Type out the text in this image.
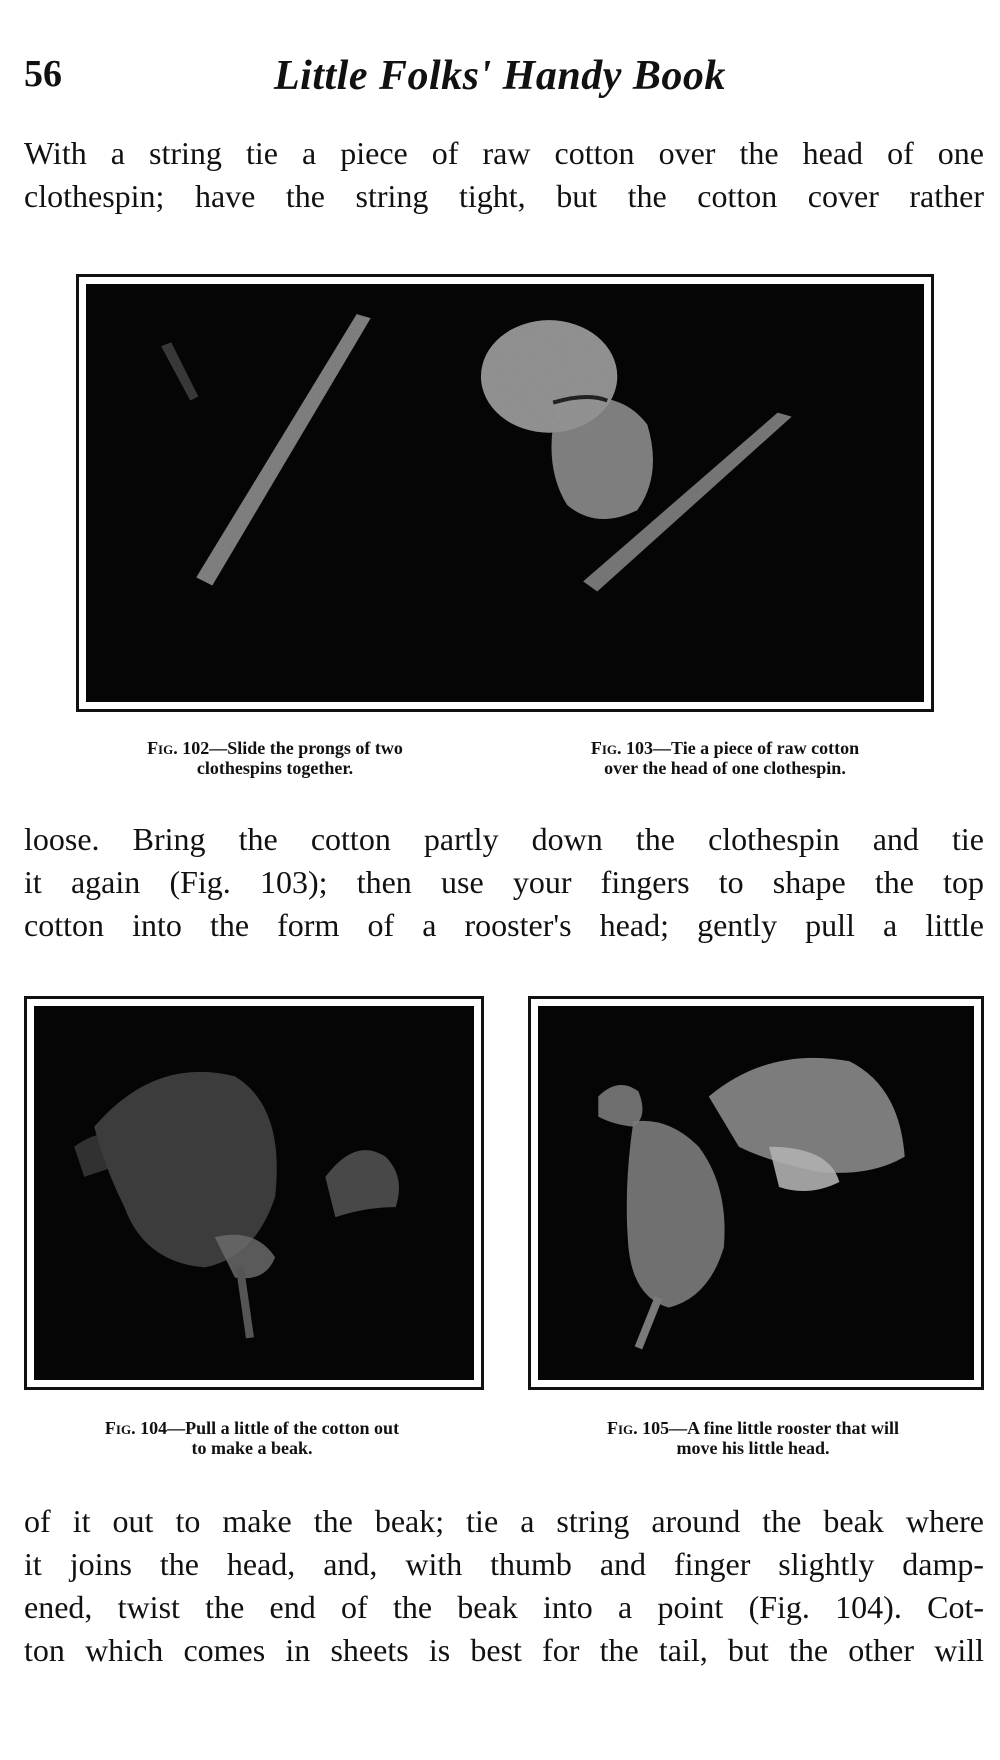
56	Little Folks' Handy Book
With a string tie a piece of raw cotton over the head of one
clothespin; have the string tight, but the cotton cover rather
Fig. 102—Slide the prongs of two
clothespins together.
Fig. 103—Tie a piece of raw cotton
over the head of one clothespin.
loose. Bring the cotton partly down the clothespin and tie
it again (Fig. 103); then use your fingers to shape the top
cotton into the form of a rooster's head; gently pull a little
Fig. 104—Pull a little of the cotton out
to make a beak.
Fig. 105—A fine little rooster that will
move his little head.
of it out to make the beak; tie a string around the beak where
it joins the head, and, with thumb and finger slightly damp-
ened, twist the end of the beak into a point (Fig. 104). Cot-
ton which comes in sheets is best for the tail, but the other will
